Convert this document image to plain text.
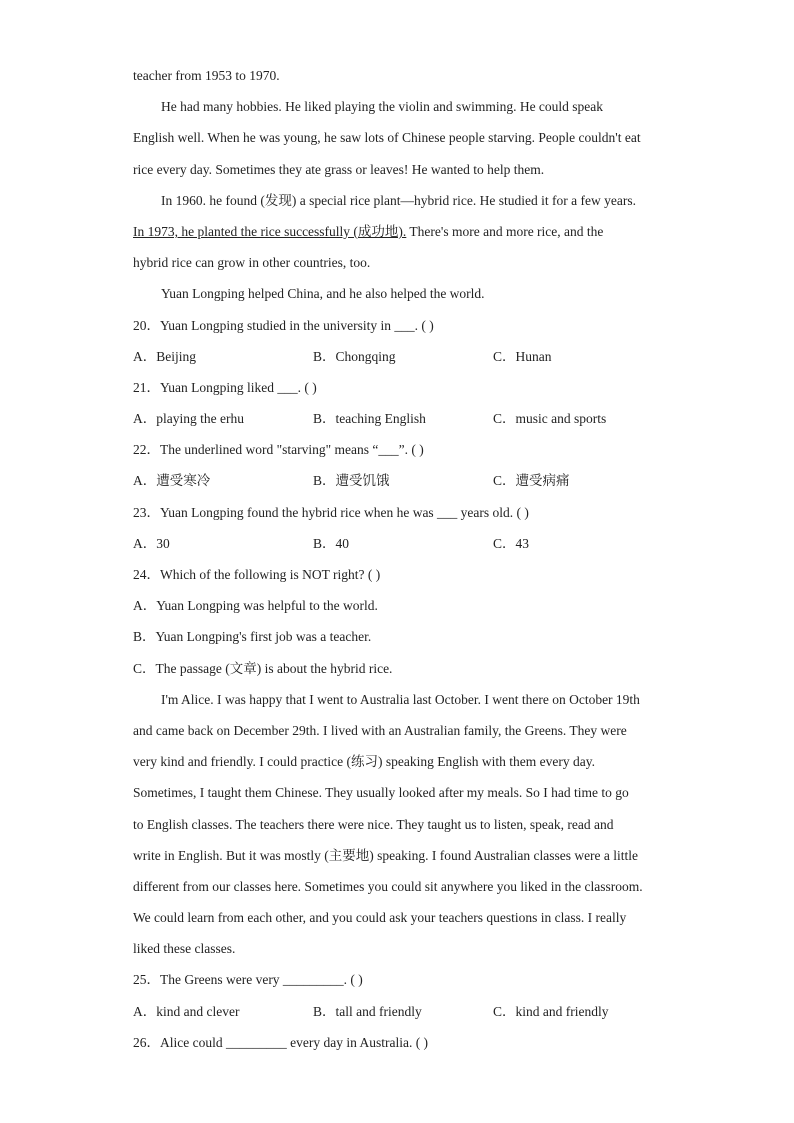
teacher from 1953 to 1970.
He had many hobbies. He liked playing the violin and swimming. He could speak
English well. When he was young, he saw lots of Chinese people starving. People couldn't eat
rice every day. Sometimes they ate grass or leaves! He wanted to help them.
In 1960. he found (发现) a special rice plant—hybrid rice. He studied it for a few years.
In 1973, he planted the rice successfully (成功地). There's more and more rice, and the
hybrid rice can grow in other countries, too.
Yuan Longping helped China, and he also helped the world.
20．Yuan Longping studied in the university in ___. ( )
A．Beijing	B．Chongqing	C．Hunan
21．Yuan Longping liked ___. ( )
A．playing the erhu	B．teaching English	C．music and sports
22．The underlined word "starving" means “___”. ( )
A．遭受寒冷	B．遭受饥饿	C．遭受病痛
23．Yuan Longping found the hybrid rice when he was ___ years old. ( )
A．30	B．40	C．43
24．Which of the following is NOT right? ( )
A．Yuan Longping was helpful to the world.
B．Yuan Longping's first job was a teacher.
C．The passage (文章) is about the hybrid rice.
I'm Alice. I was happy that I went to Australia last October. I went there on October 19th
and came back on December 29th. I lived with an Australian family, the Greens. They were
very kind and friendly. I could practice (练习) speaking English with them every day.
Sometimes, I taught them Chinese. They usually looked after my meals. So I had time to go
to English classes. The teachers there were nice. They taught us to listen, speak, read and
write in English. But it was mostly (主要地) speaking. I found Australian classes were a little
different from our classes here. Sometimes you could sit anywhere you liked in the classroom.
We could learn from each other, and you could ask your teachers questions in class. I really
liked these classes.
25．The Greens were very _________. ( )
A．kind and clever	B．tall and friendly	C．kind and friendly
26．Alice could _________ every day in Australia. ( )
